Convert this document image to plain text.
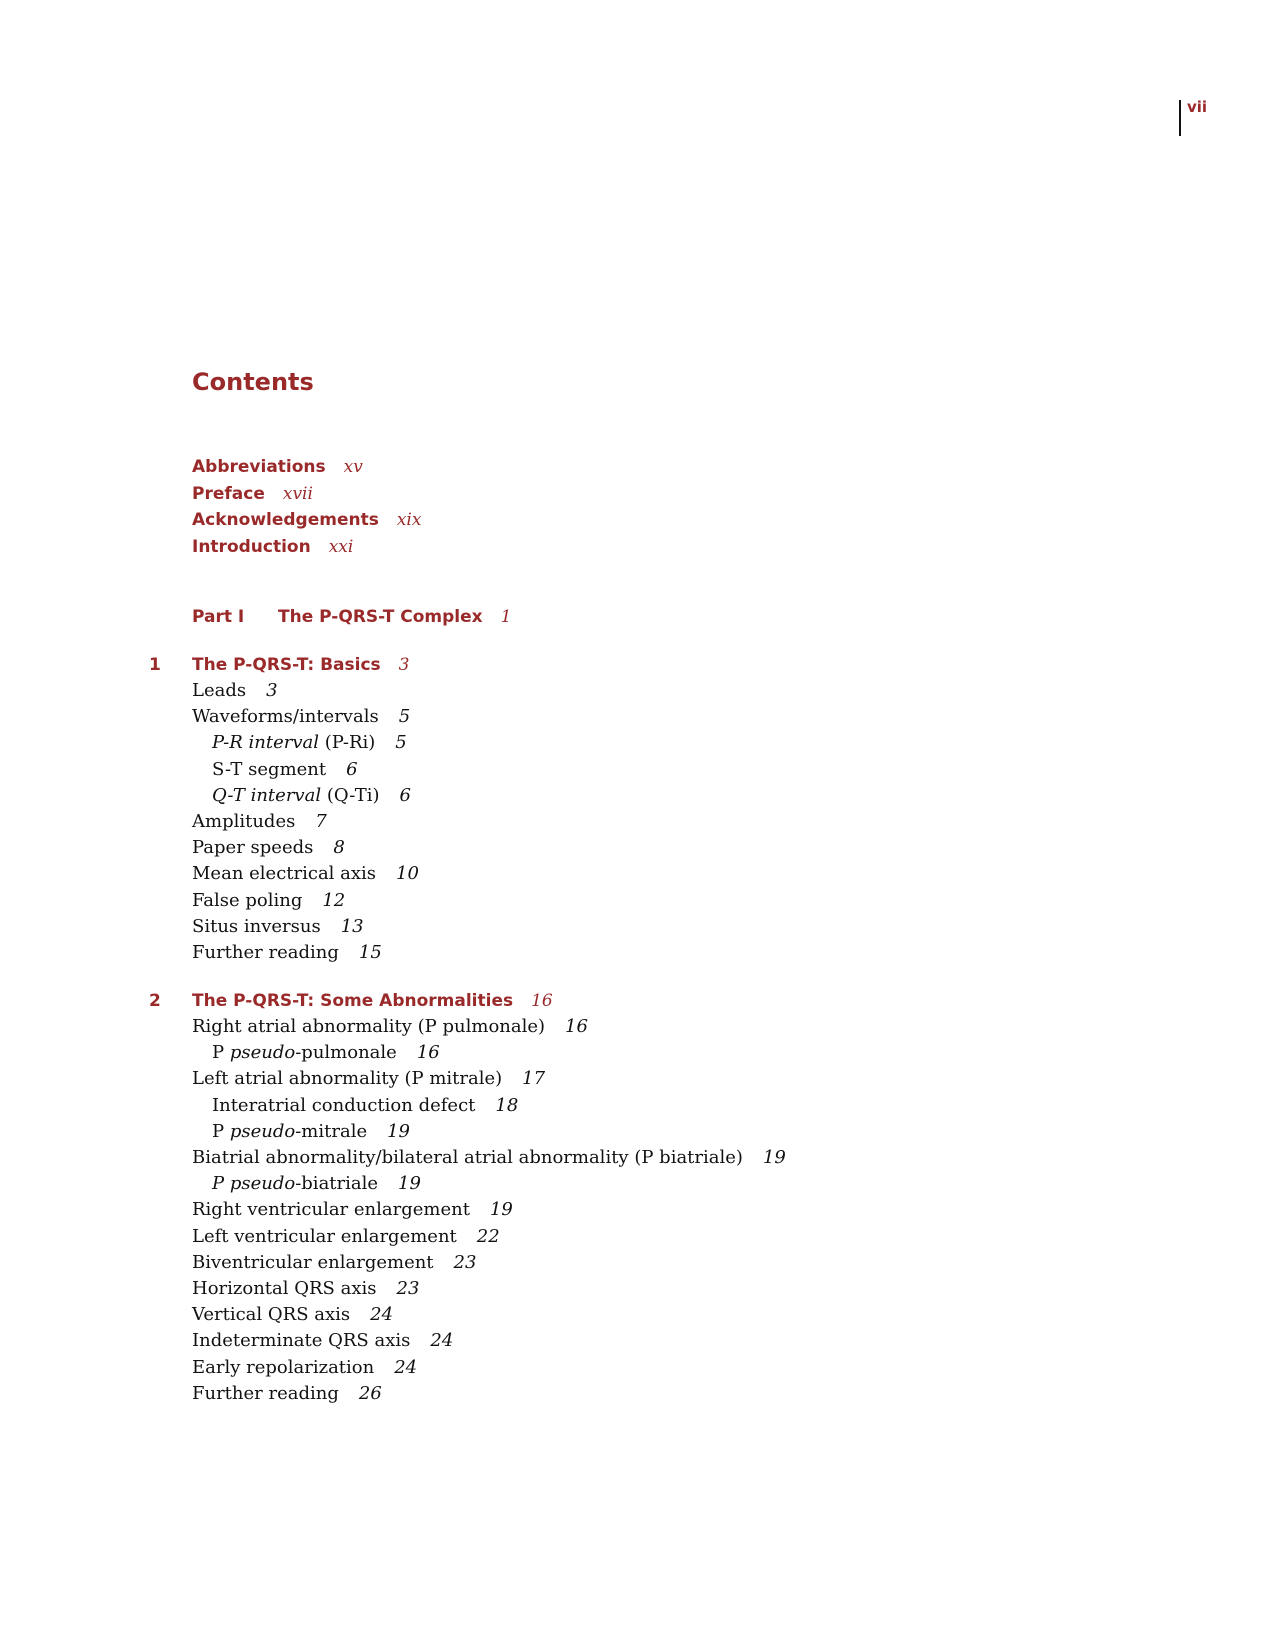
vii
Contents
Abbreviations xv
Preface xvii
Acknowledgements xix
Introduction xxi
Part I The P-QRS-T Complex 1
1 The P-QRS-T: Basics 3
Leads 3
Waveforms/intervals 5
P-R interval (P-Ri) 5
S-T segment 6
Q-T interval (Q-Ti) 6
Amplitudes 7
Paper speeds 8
Mean electrical axis 10
False poling 12
Situs inversus 13
Further reading 15
2 The P-QRS-T: Some Abnormalities 16
Right atrial abnormality (P pulmonale) 16
P pseudo-pulmonale 16
Left atrial abnormality (P mitrale) 17
Interatrial conduction defect 18
P pseudo-mitrale 19
Biatrial abnormality/bilateral atrial abnormality (P biatriale) 19
P pseudo-biatriale 19
Right ventricular enlargement 19
Left ventricular enlargement 22
Biventricular enlargement 23
Horizontal QRS axis 23
Vertical QRS axis 24
Indeterminate QRS axis 24
Early repolarization 24
Further reading 26
